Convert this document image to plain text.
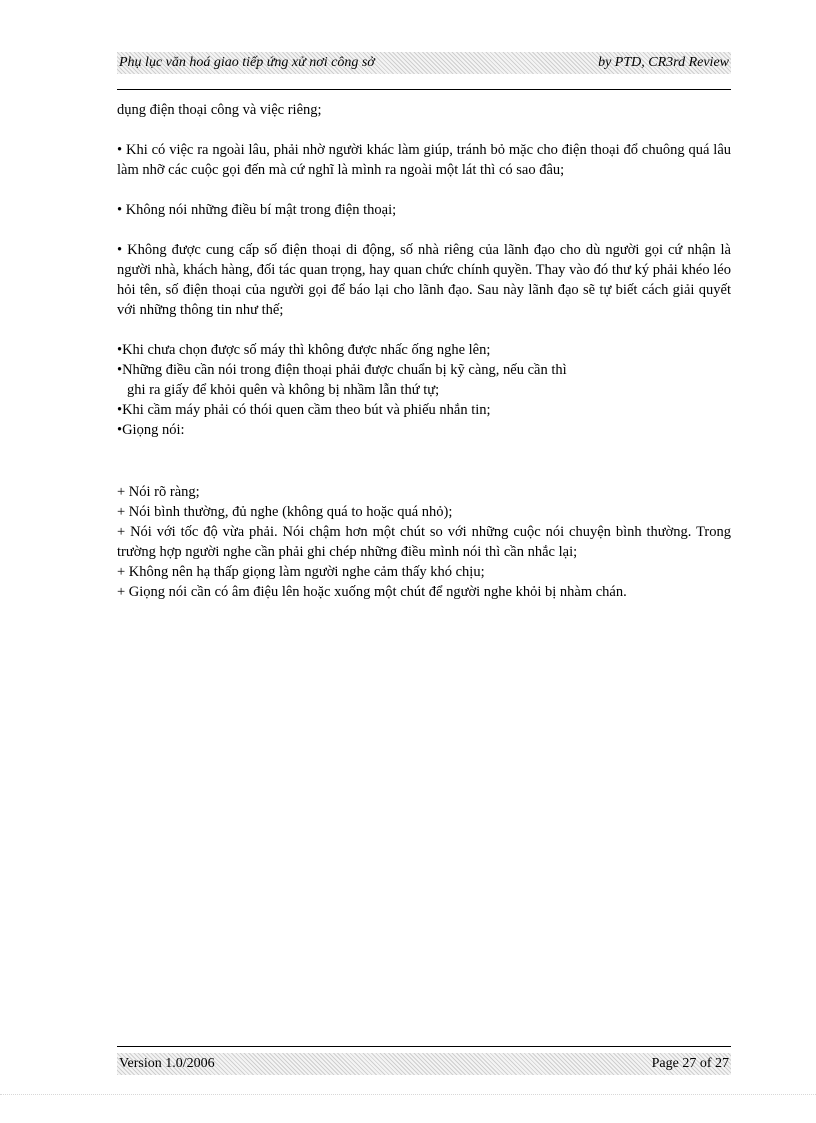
Phụ lục văn hoá giao tiếp ứng xử nơi công sở	by PTD, CR3rd Review

dụng điện thoại công và việc riêng;

• Khi có việc ra ngoài lâu, phải nhờ người khác làm giúp, tránh bỏ mặc cho điện thoại đổ chuông quá lâu làm nhỡ các cuộc gọi đến mà cứ nghĩ là mình ra ngoài một lát thì có sao đâu;

• Không nói những điều bí mật trong điện thoại;

• Không được cung cấp số điện thoại di động, số nhà riêng của lãnh đạo cho dù người gọi cứ nhận là người nhà, khách hàng, đối tác quan trọng, hay quan chức chính quyền. Thay vào đó thư ký phải khéo léo hỏi tên, số điện thoại của người gọi để báo lại cho lãnh đạo. Sau này lãnh đạo sẽ tự biết cách giải quyết với những thông tin như thế;

•Khi chưa chọn được số máy thì không được nhấc ống nghe lên;

•Những điều cần nói trong điện thoại phải được chuẩn bị kỹ càng, nếu cần thì

ghi ra giấy để khỏi quên và không bị nhầm lẫn thứ tự;

•Khi cầm máy phải có thói quen cầm theo bút và phiếu nhắn tin;

•Giọng nói:

+ Nói rõ ràng;

+ Nói bình thường, đủ nghe (không quá to hoặc quá nhỏ);

+ Nói với tốc độ vừa phải. Nói chậm hơn một chút so với những cuộc nói chuyện bình thường. Trong trường hợp người nghe cần phải ghi chép những điều mình nói thì cần nhắc lại;

+ Không nên hạ thấp giọng làm người nghe cảm thấy khó chịu;

+ Giọng nói cần có âm điệu lên hoặc xuống một chút để người nghe khỏi bị nhàm chán.

Version 1.0/2006	Page 27 of 27
